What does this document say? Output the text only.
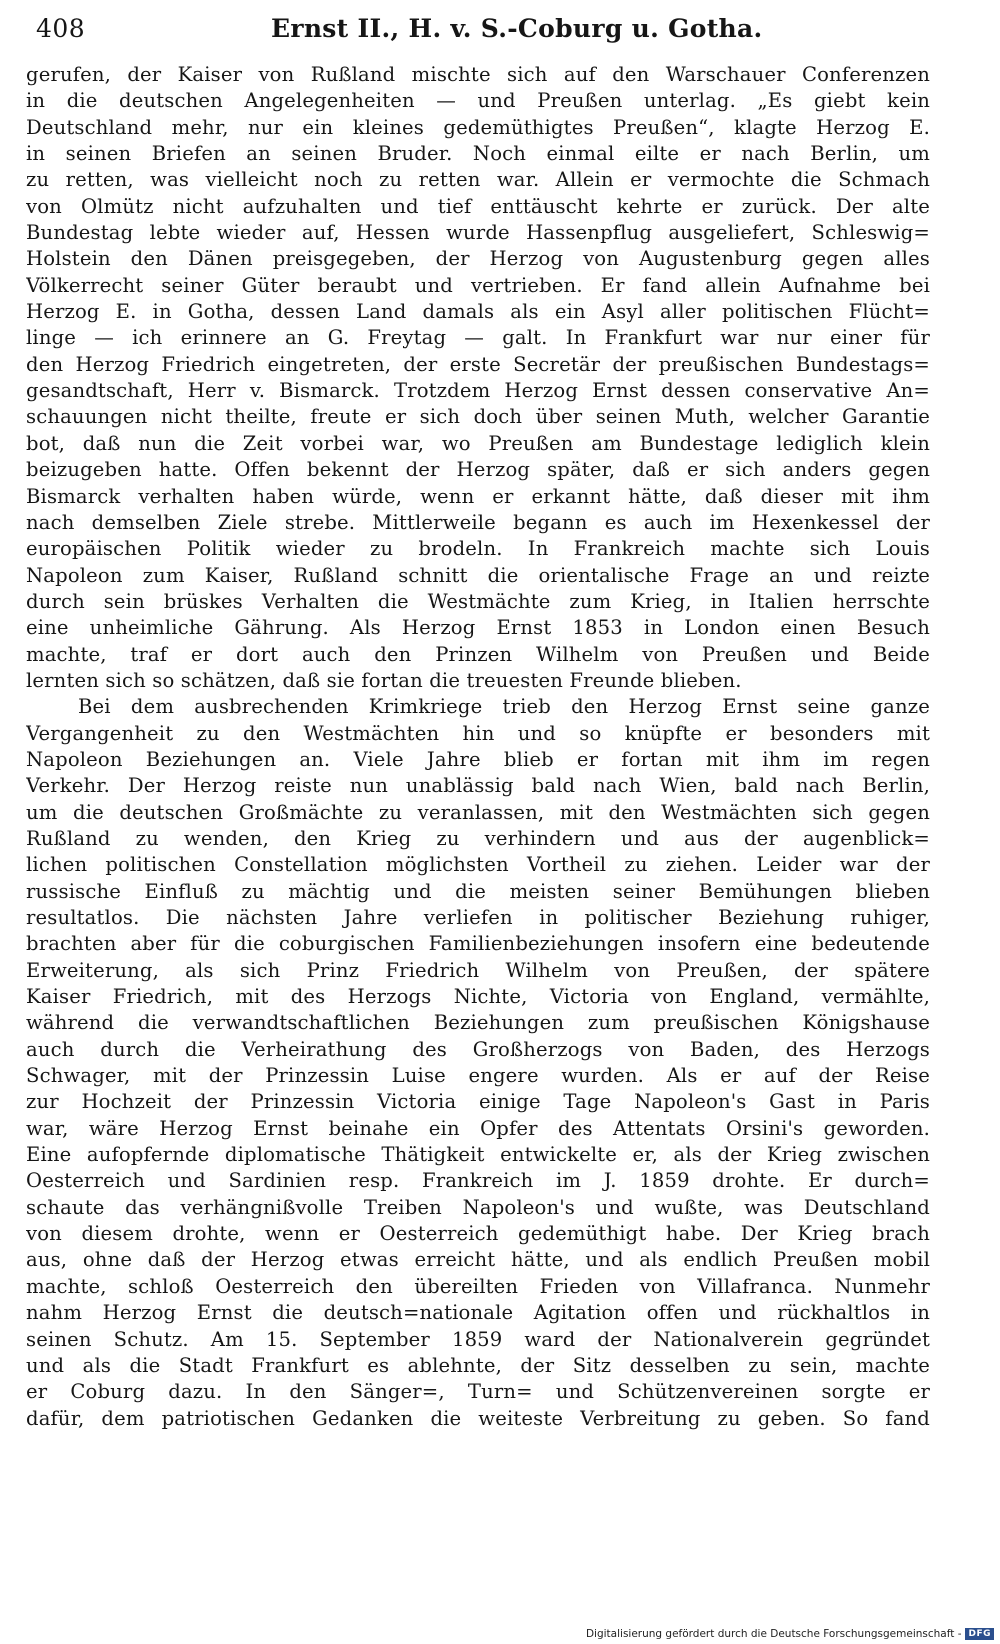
408	Ernst II., H. v. S.-Coburg u. Gotha.
gerufen, der Kaiser von Rußland mischte sich auf den Warschauer Conferenzen
in die deutschen Angelegenheiten — und Preußen unterlag. „Es giebt kein
Deutschland mehr, nur ein kleines gedemüthigtes Preußen“, klagte Herzog E.
in seinen Briefen an seinen Bruder. Noch einmal eilte er nach Berlin, um
zu retten, was vielleicht noch zu retten war. Allein er vermochte die Schmach
von Olmütz nicht aufzuhalten und tief enttäuscht kehrte er zurück. Der alte
Bundestag lebte wieder auf, Hessen wurde Hassenpflug ausgeliefert, Schleswig=
Holstein den Dänen preisgegeben, der Herzog von Augustenburg gegen alles
Völkerrecht seiner Güter beraubt und vertrieben. Er fand allein Aufnahme bei
Herzog E. in Gotha, dessen Land damals als ein Asyl aller politischen Flücht=
linge — ich erinnere an G. Freytag — galt. In Frankfurt war nur einer für
den Herzog Friedrich eingetreten, der erste Secretär der preußischen Bundestags=
gesandtschaft, Herr v. Bismarck. Trotzdem Herzog Ernst dessen conservative An=
schauungen nicht theilte, freute er sich doch über seinen Muth, welcher Garantie
bot, daß nun die Zeit vorbei war, wo Preußen am Bundestage lediglich klein
beizugeben hatte. Offen bekennt der Herzog später, daß er sich anders gegen
Bismarck verhalten haben würde, wenn er erkannt hätte, daß dieser mit ihm
nach demselben Ziele strebe. Mittlerweile begann es auch im Hexenkessel der
europäischen Politik wieder zu brodeln. In Frankreich machte sich Louis
Napoleon zum Kaiser, Rußland schnitt die orientalische Frage an und reizte
durch sein brüskes Verhalten die Westmächte zum Krieg, in Italien herrschte
eine unheimliche Gährung. Als Herzog Ernst 1853 in London einen Besuch
machte, traf er dort auch den Prinzen Wilhelm von Preußen und Beide
lernten sich so schätzen, daß sie fortan die treuesten Freunde blieben.
Bei dem ausbrechenden Krimkriege trieb den Herzog Ernst seine ganze
Vergangenheit zu den Westmächten hin und so knüpfte er besonders mit
Napoleon Beziehungen an. Viele Jahre blieb er fortan mit ihm im regen
Verkehr. Der Herzog reiste nun unablässig bald nach Wien, bald nach Berlin,
um die deutschen Großmächte zu veranlassen, mit den Westmächten sich gegen
Rußland zu wenden, den Krieg zu verhindern und aus der augenblick=
lichen politischen Constellation möglichsten Vortheil zu ziehen. Leider war der
russische Einfluß zu mächtig und die meisten seiner Bemühungen blieben
resultatlos. Die nächsten Jahre verliefen in politischer Beziehung ruhiger,
brachten aber für die coburgischen Familienbeziehungen insofern eine bedeutende
Erweiterung, als sich Prinz Friedrich Wilhelm von Preußen, der spätere
Kaiser Friedrich, mit des Herzogs Nichte, Victoria von England, vermählte,
während die verwandtschaftlichen Beziehungen zum preußischen Königshause
auch durch die Verheirathung des Großherzogs von Baden, des Herzogs
Schwager, mit der Prinzessin Luise engere wurden. Als er auf der Reise
zur Hochzeit der Prinzessin Victoria einige Tage Napoleon's Gast in Paris
war, wäre Herzog Ernst beinahe ein Opfer des Attentats Orsini's geworden.
Eine aufopfernde diplomatische Thätigkeit entwickelte er, als der Krieg zwischen
Oesterreich und Sardinien resp. Frankreich im J. 1859 drohte. Er durch=
schaute das verhängnißvolle Treiben Napoleon's und wußte, was Deutschland
von diesem drohte, wenn er Oesterreich gedemüthigt habe. Der Krieg brach
aus, ohne daß der Herzog etwas erreicht hätte, und als endlich Preußen mobil
machte, schloß Oesterreich den übereilten Frieden von Villafranca. Nunmehr
nahm Herzog Ernst die deutsch=nationale Agitation offen und rückhaltlos in
seinen Schutz. Am 15. September 1859 ward der Nationalverein gegründet
und als die Stadt Frankfurt es ablehnte, der Sitz desselben zu sein, machte
er Coburg dazu. In den Sänger=, Turn= und Schützenvereinen sorgte er
dafür, dem patriotischen Gedanken die weiteste Verbreitung zu geben. So fand
Digitalisierung gefördert durch die Deutsche Forschungsgemeinschaft - DFG
